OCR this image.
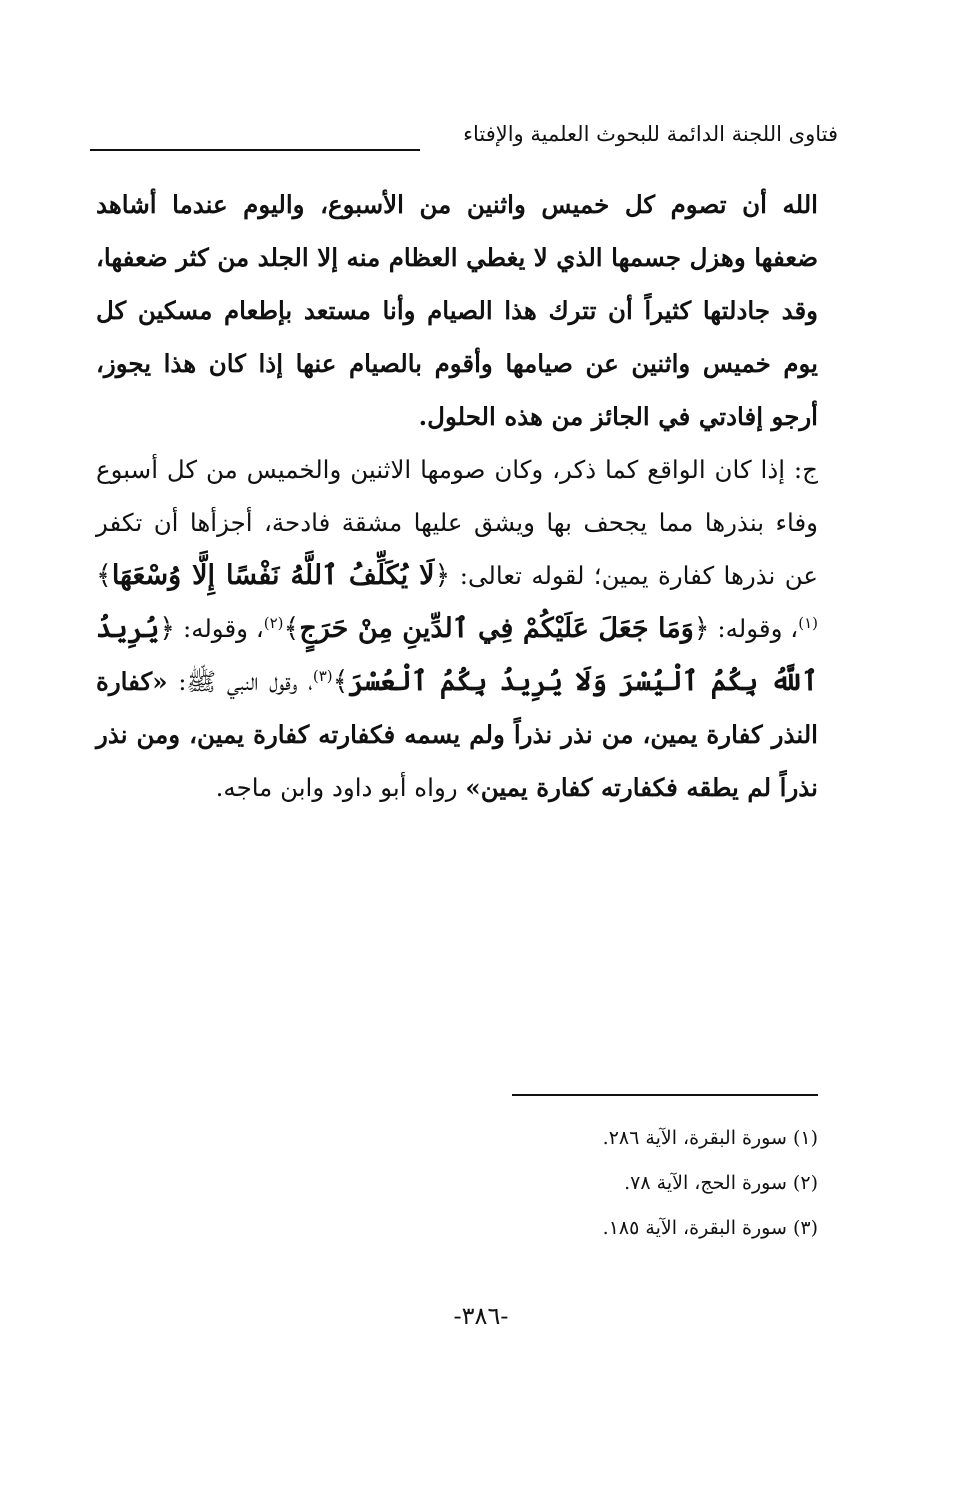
فتاوى اللجنة الدائمة للبحوث العلمية والإفتاء

الله أن تصوم كل خميس واثنين من الأسبوع، واليوم عندما أشاهد ضعفها وهزل جسمها الذي لا يغطي العظام منه إلا الجلد من كثر ضعفها، وقد جادلتها كثيراً أن تترك هذا الصيام وأنا مستعد بإطعام مسكين كل يوم خميس واثنين عن صيامها وأقوم بالصيام عنها إذا كان هذا يجوز، أرجو إفادتي في الجائز من هذه الحلول.

ج: إذا كان الواقع كما ذكر، وكان صومها الاثنين والخميس من كل أسبوع وفاء بنذرها مما يجحف بها ويشق عليها مشقة فادحة، أجزأها أن تكفر عن نذرها كفارة يمين؛ لقوله تعالى: ﴿لَا يُكَلِّفُ ٱللَّهُ نَفْسًا إِلَّا وُسْعَهَا﴾$^{(١)}$، وقوله: ﴿وَمَا جَعَلَ عَلَيْكُمْ فِي ٱلدِّينِ مِنْ حَرَجٍ﴾$^{(٢)}$، وقوله: ﴿يُرِيدُ ٱللَّهُ بِكُمُ ٱلْيُسْرَ وَلَا يُرِيدُ بِكُمُ ٱلْعُسْرَ﴾$^{(٣)}$، وقول النبي ﷺ: «كفارة النذر كفارة يمين، من نذر نذراً ولم يسمه فكفارته كفارة يمين، ومن نذر نذراً لم يطقه فكفارته كفارة يمين» رواه أبو داود وابن ماجه.

(١) سورة البقرة، الآية ٢٨٦.
(٢) سورة الحج، الآية ٧٨.
(٣) سورة البقرة، الآية ١٨٥.
-٣٨٦-
